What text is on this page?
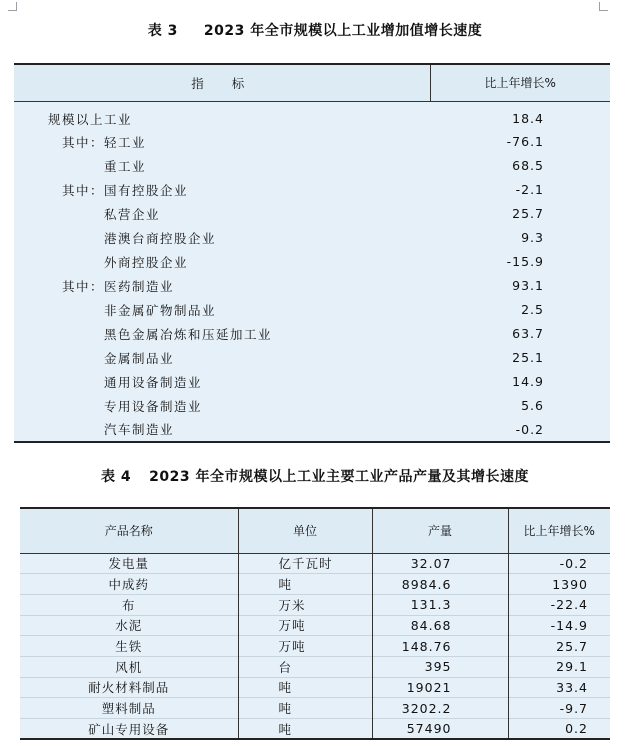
表 3 2023 年全市规模以上工业增加值增长速度
指标	比上年增长%
规模以上工业	18.4
其中：轻工业	-76.1
重工业	68.5
其中：国有控股企业	-2.1
私营企业	25.7
港澳台商控股企业	9.3
外商控股企业	-15.9
其中：医药制造业	93.1
非金属矿物制品业	2.5
黑色金属冶炼和压延加工业	63.7
金属制品业	25.1
通用设备制造业	14.9
专用设备制造业	5.6
汽车制造业	-0.2
表 4 2023 年全市规模以上工业主要工业产品产量及其增长速度
产品名称	单位	产量	比上年增长%
发电量	亿千瓦时	32.07	-0.2
中成药	吨	8984.6	1390
布	万米	131.3	-22.4
水泥	万吨	84.68	-14.9
生铁	万吨	148.76	25.7
风机	台	395	29.1
耐火材料制品	吨	19021	33.4
塑料制品	吨	3202.2	-9.7
矿山专用设备	吨	57490	0.2
